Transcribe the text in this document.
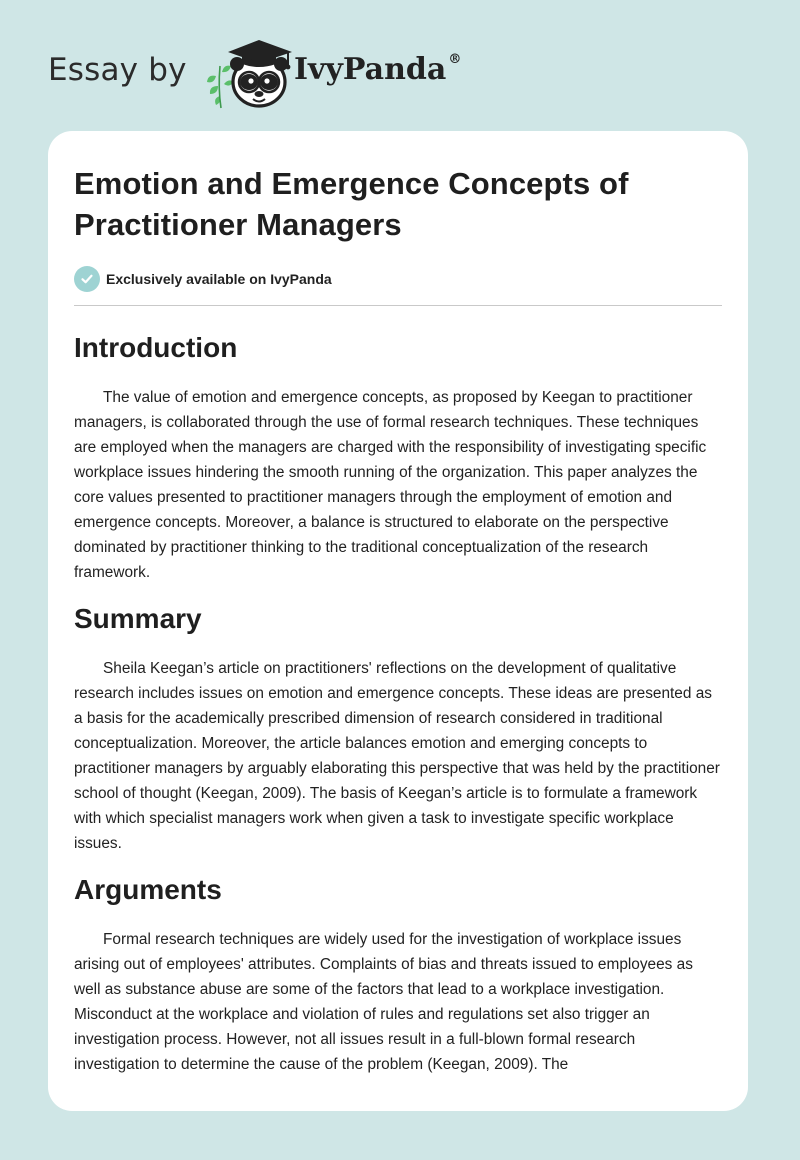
Essay by	IvyPanda ®
Emotion and Emergence Concepts of Practitioner Managers
Exclusively available on IvyPanda
Introduction

The value of emotion and emergence concepts, as proposed by Keegan to practitioner managers, is collaborated through the use of formal research techniques. These techniques are employed when the managers are charged with the responsibility of investigating specific workplace issues hindering the smooth running of the organization. This paper analyzes the core values presented to practitioner managers through the employment of emotion and emergence concepts. Moreover, a balance is structured to elaborate on the perspective dominated by practitioner thinking to the traditional conceptualization of the research framework.

Summary

Sheila Keegan’s article on practitioners' reflections on the development of qualitative research includes issues on emotion and emergence concepts. These ideas are presented as a basis for the academically prescribed dimension of research considered in traditional conceptualization. Moreover, the article balances emotion and emerging concepts to practitioner managers by arguably elaborating this perspective that was held by the practitioner school of thought (Keegan, 2009). The basis of Keegan’s article is to formulate a framework with which specialist managers work when given a task to investigate specific workplace issues.

Arguments

Formal research techniques are widely used for the investigation of workplace issues arising out of employees' attributes. Complaints of bias and threats issued to employees as well as substance abuse are some of the factors that lead to a workplace investigation. Misconduct at the workplace and violation of rules and regulations set also trigger an investigation process. However, not all issues result in a full-blown formal research investigation to determine the cause of the problem (Keegan, 2009). The
